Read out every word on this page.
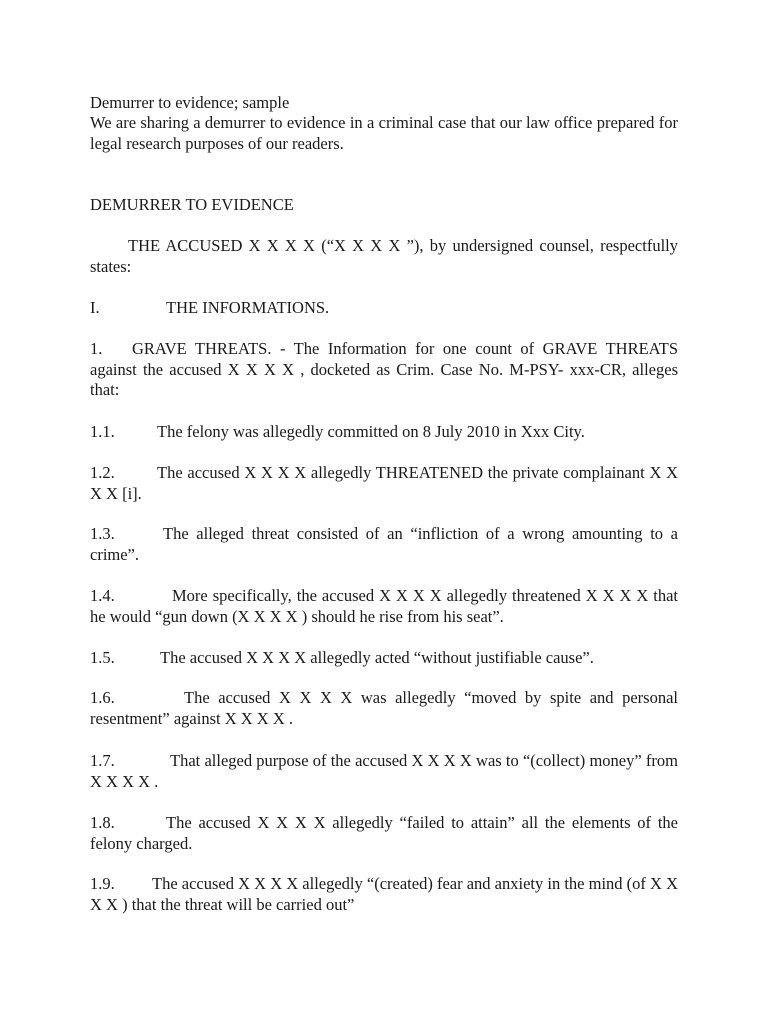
Demurrer to evidence; sample
We are sharing a demurrer to evidence in a criminal case that our law office prepared for legal research purposes of our readers.
DEMURRER TO EVIDENCE
THE ACCUSED X X X X (“X X X X ”), by undersigned counsel, respectfully states:
I.	THE INFORMATIONS.
1.	GRAVE THREATS. - The Information for one count of GRAVE THREATS against the accused X X X X , docketed as Crim. Case No. M-PSY- xxx-CR, alleges that:
1.1.	The felony was allegedly committed on 8 July 2010 in Xxx City.
1.2.	The accused X X X X allegedly THREATENED the private complainant X X X X [i].
1.3.	The alleged threat consisted of an “infliction of a wrong amounting to a crime”.
1.4.	More specifically, the accused X X X X allegedly threatened X X X X that he would “gun down (X X X X ) should he rise from his seat”.
1.5.	The accused X X X X allegedly acted “without justifiable cause”.
1.6.	The accused X X X X was allegedly “moved by spite and personal resentment” against X X X X .
1.7.	That alleged purpose of the accused X X X X was to “(collect) money” from X X X X .
1.8.	The accused X X X X allegedly “failed to attain” all the elements of the felony charged.
1.9.	The accused X X X X allegedly “(created) fear and anxiety in the mind (of X X X X ) that the threat will be carried out”
